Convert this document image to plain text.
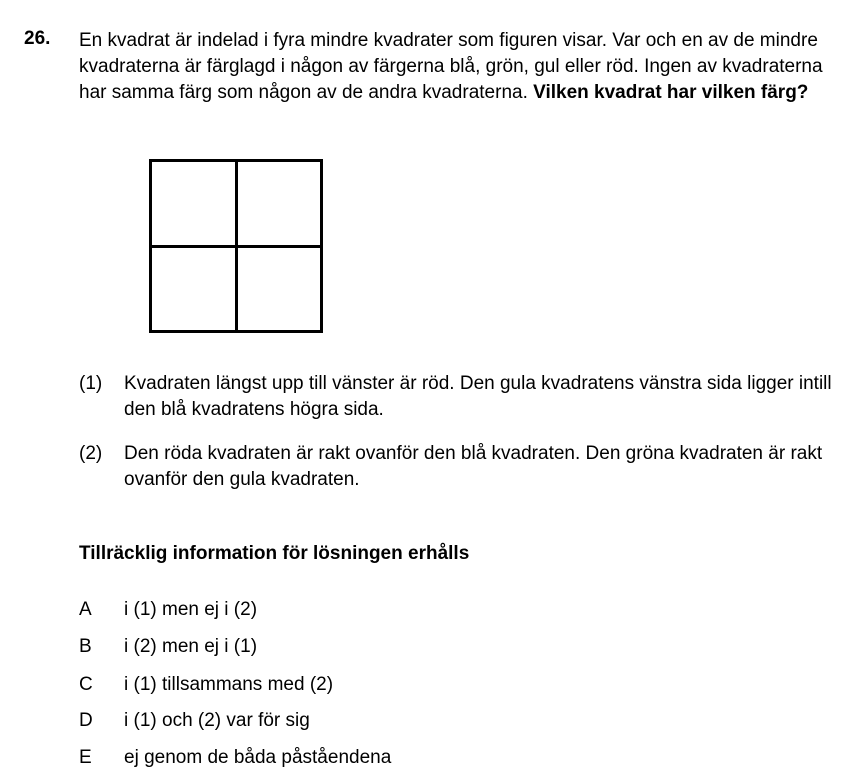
26. En kvadrat är indelad i fyra mindre kvadrater som figuren visar. Var och en av de mindre kvadraterna är färglagd i någon av färgerna blå, grön, gul eller röd. Ingen av kvadraterna har samma färg som någon av de andra kvadraterna. Vilken kvadrat har vilken färg?
(1) Kvadraten längst upp till vänster är röd. Den gula kvadratens vänstra sida ligger intill den blå kvadratens högra sida.
(2) Den röda kvadraten är rakt ovanför den blå kvadraten. Den gröna kvadraten är rakt ovanför den gula kvadraten.
Tillräcklig information för lösningen erhålls
A i (1) men ej i (2)
B i (2) men ej i (1)
C i (1) tillsammans med (2)
D i (1) och (2) var för sig
E ej genom de båda påståendena
